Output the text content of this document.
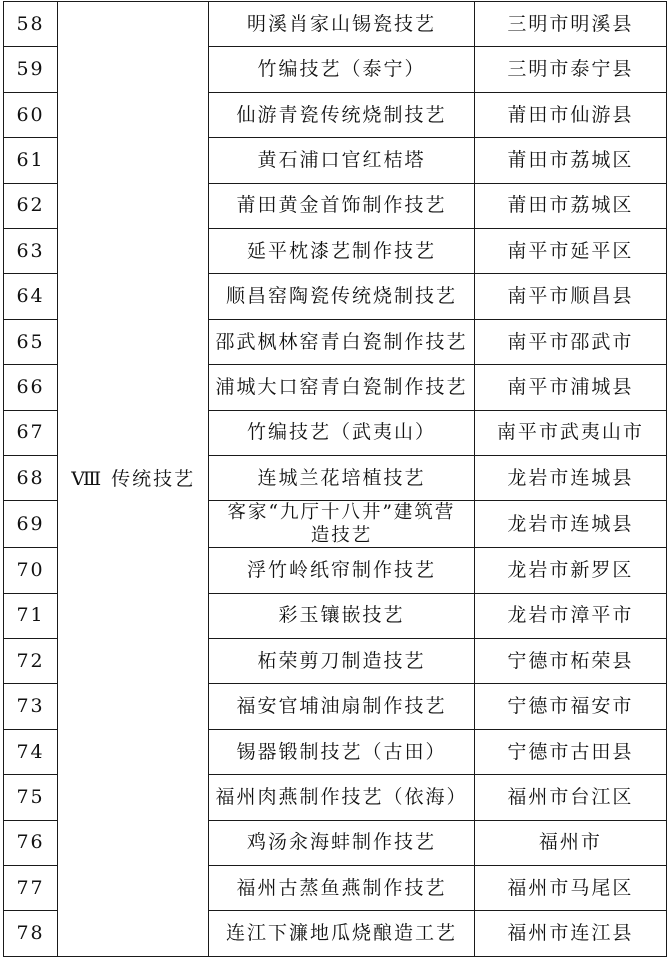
58	Ⅷ 传统技艺	明溪肖家山锡瓷技艺	三明市明溪县
59		竹编技艺（泰宁）	三明市泰宁县
60		仙游青瓷传统烧制技艺	莆田市仙游县
61		黄石浦口官红桔塔	莆田市荔城区
62		莆田黄金首饰制作技艺	莆田市荔城区
63		延平枕漆艺制作技艺	南平市延平区
64		顺昌窑陶瓷传统烧制技艺	南平市顺昌县
65		邵武枫林窑青白瓷制作技艺	南平市邵武市
66		浦城大口窑青白瓷制作技艺	南平市浦城县
67		竹编技艺（武夷山）	南平市武夷山市
68		连城兰花培植技艺	龙岩市连城县
69		客家“九厅十八井”建筑营造技艺	龙岩市连城县
70		浮竹岭纸帘制作技艺	龙岩市新罗区
71		彩玉镶嵌技艺	龙岩市漳平市
72		柘荣剪刀制造技艺	宁德市柘荣县
73		福安官埔油扇制作技艺	宁德市福安市
74		锡器锻制技艺（古田）	宁德市古田县
75		福州肉燕制作技艺（依海）	福州市台江区
76		鸡汤汆海蚌制作技艺	福州市
77		福州古蒸鱼燕制作技艺	福州市马尾区
78		连江下濂地瓜烧酿造工艺	福州市连江县
